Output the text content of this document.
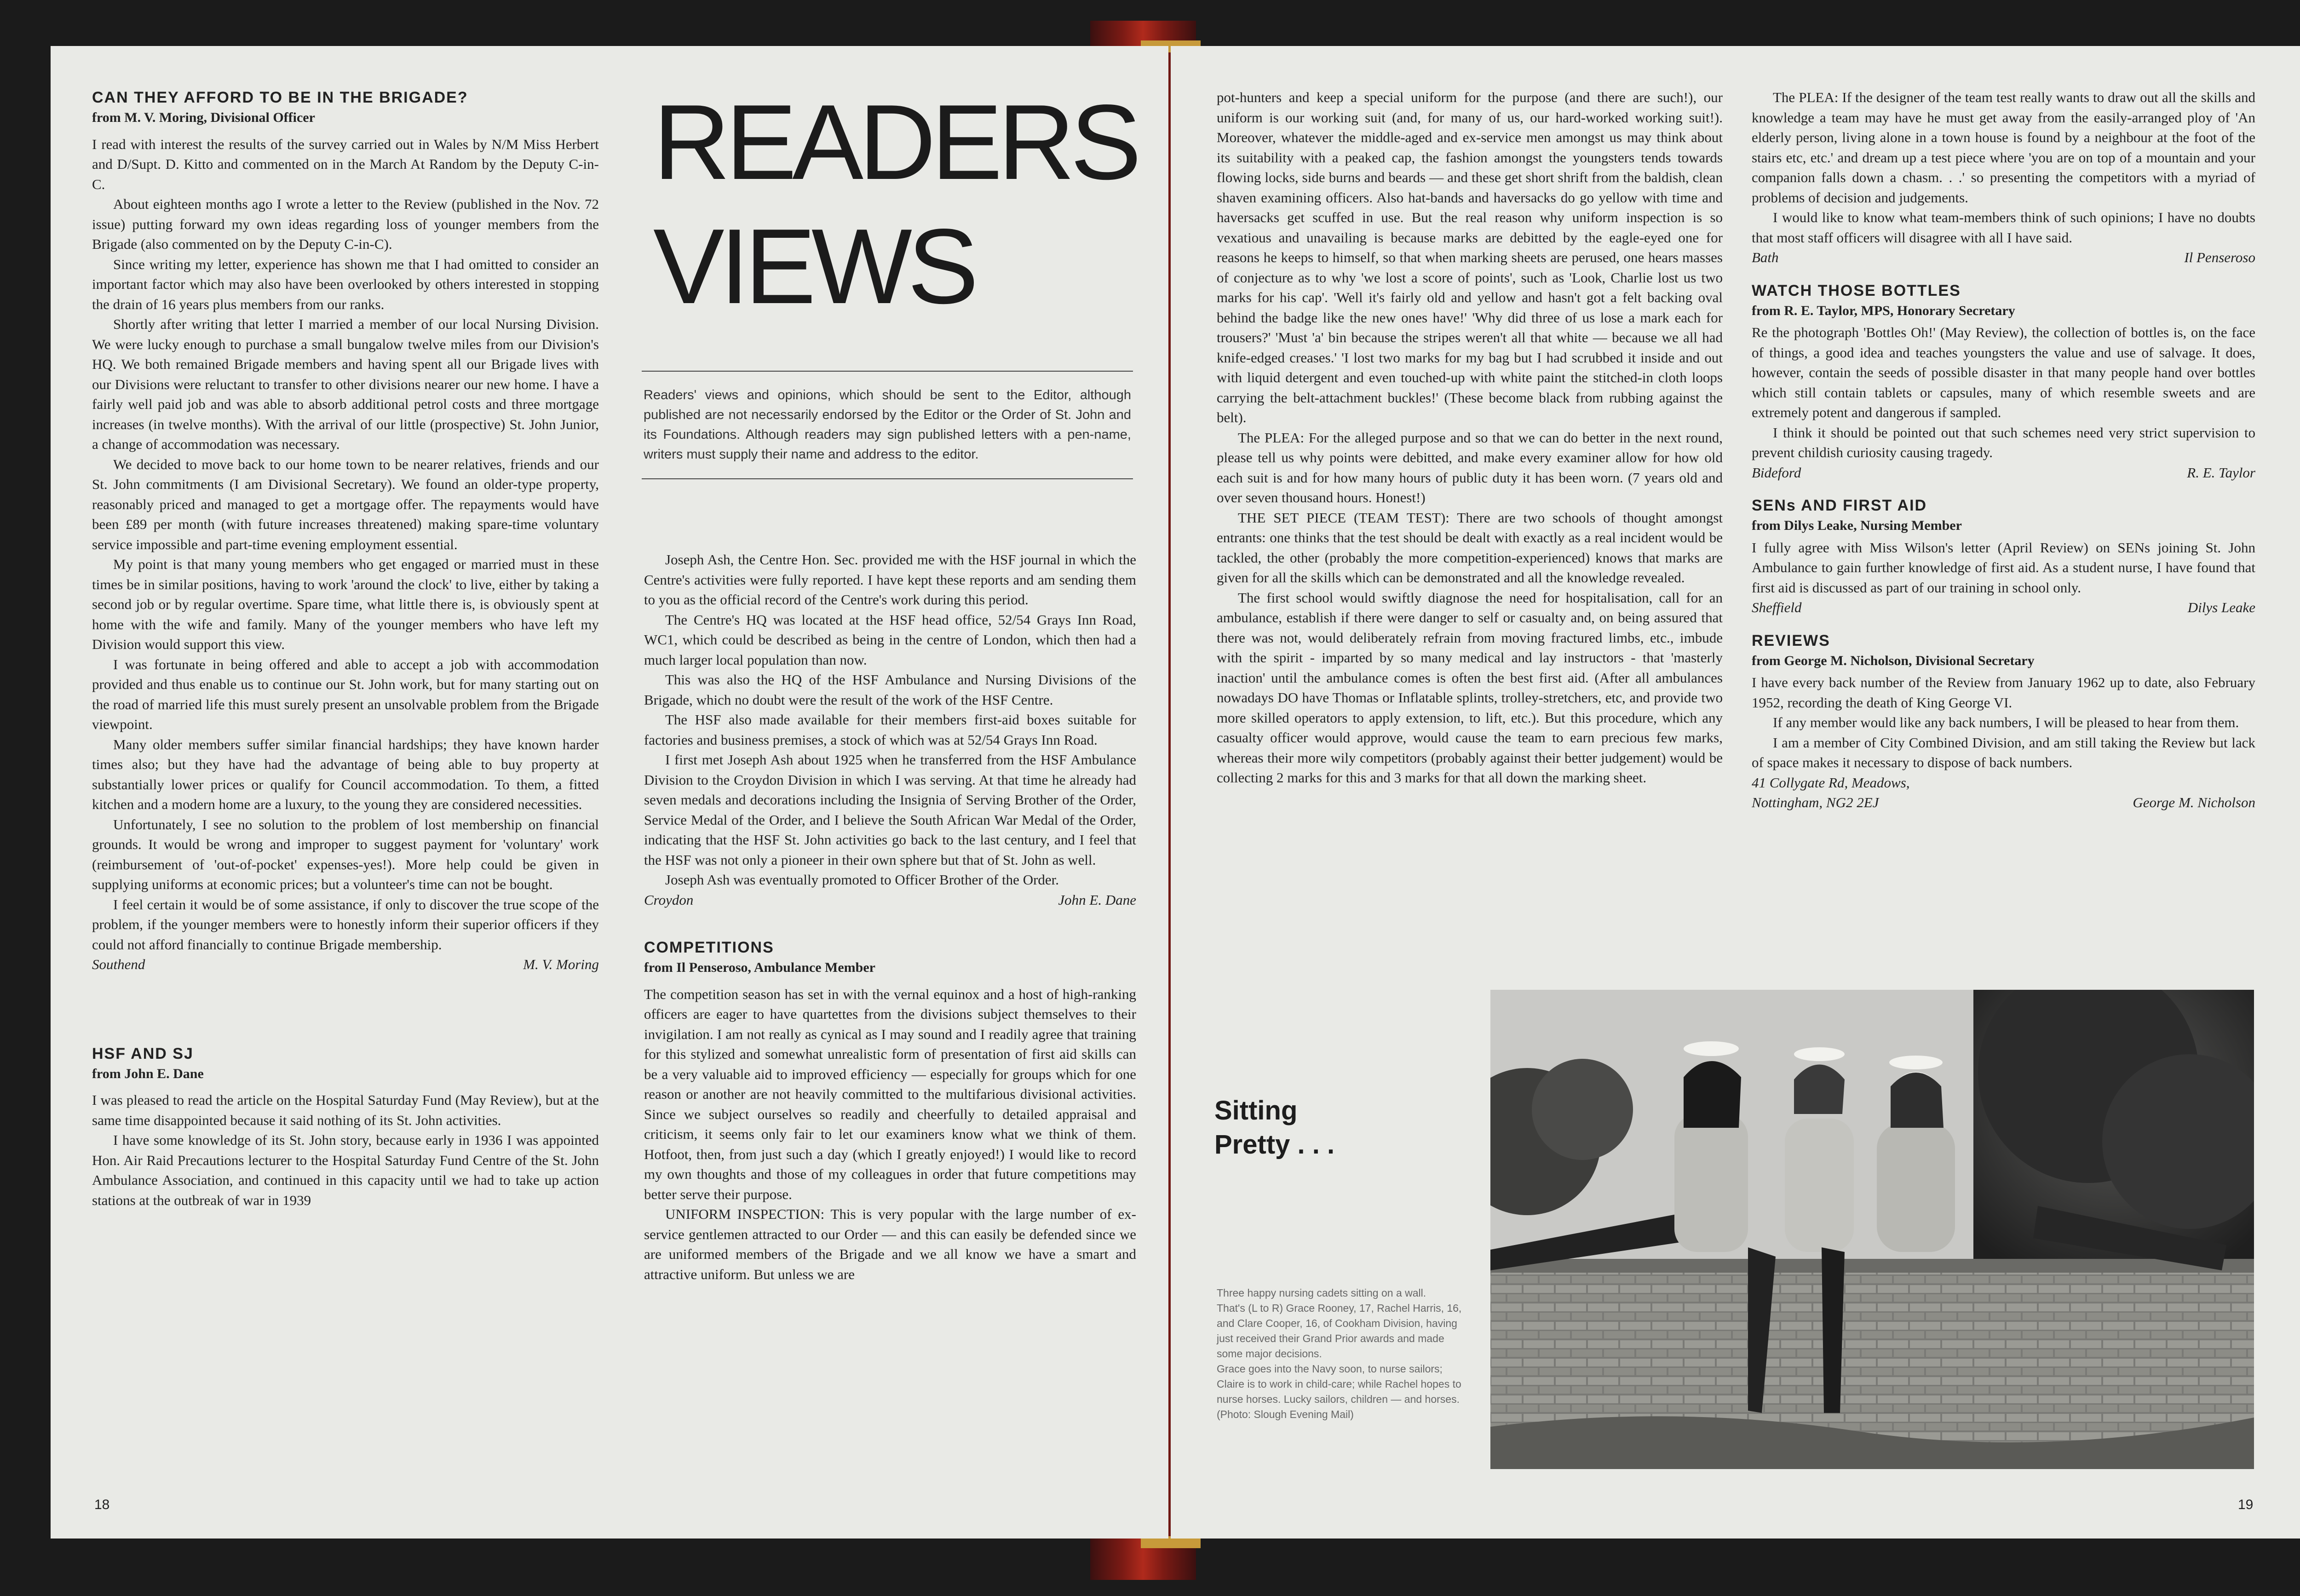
CAN THEY AFFORD TO BE IN THE BRIGADE?
from M. V. Moring, Divisional Officer

I read with interest the results of the survey carried out in Wales by N/M Miss Herbert and D/Supt. D. Kitto and commented on in the March At Random by the Deputy C-in-C.

About eighteen months ago I wrote a letter to the Review (published in the Nov. 72 issue) putting forward my own ideas regarding loss of younger members from the Brigade (also commented on by the Deputy C-in-C).

Since writing my letter, experience has shown me that I had omitted to consider an important factor which may also have been overlooked by others interested in stopping the drain of 16 years plus members from our ranks.

Shortly after writing that letter I married a member of our local Nursing Division. We were lucky enough to purchase a small bungalow twelve miles from our Division's HQ. We both remained Brigade members and having spent all our Brigade lives with our Divisions were reluctant to transfer to other divisions nearer our new home. I have a fairly well paid job and was able to absorb additional petrol costs and three mortgage increases (in twelve months). With the arrival of our little (prospective) St. John Junior, a change of accommodation was necessary.

We decided to move back to our home town to be nearer relatives, friends and our St. John commitments (I am Divisional Secretary). We found an older-type property, reasonably priced and managed to get a mortgage offer. The repayments would have been £89 per month (with future increases threatened) making spare-time voluntary service impossible and part-time evening employment essential.

My point is that many young members who get engaged or married must in these times be in similar positions, having to work 'around the clock' to live, either by taking a second job or by regular overtime. Spare time, what little there is, is obviously spent at home with the wife and family. Many of the younger members who have left my Division would support this view.

I was fortunate in being offered and able to accept a job with accommodation provided and thus enable us to continue our St. John work, but for many starting out on the road of married life this must surely present an unsolvable problem from the Brigade viewpoint.

Many older members suffer similar financial hardships; they have known harder times also; but they have had the advantage of being able to buy property at substantially lower prices or qualify for Council accommodation. To them, a fitted kitchen and a modern home are a luxury, to the young they are considered necessities.

Unfortunately, I see no solution to the problem of lost membership on financial grounds. It would be wrong and improper to suggest payment for 'voluntary' work (reimbursement of 'out-of-pocket' expenses-yes!). More help could be given in supplying uniforms at economic prices; but a volunteer's time can not be bought.

I feel certain it would be of some assistance, if only to discover the true scope of the problem, if the younger members were to honestly inform their superior officers if they could not afford financially to continue Brigade membership.

Southend	M. V. Moring
HSF AND SJ
from John E. Dane

I was pleased to read the article on the Hospital Saturday Fund (May Review), but at the same time disappointed because it said nothing of its St. John activities.

I have some knowledge of its St. John story, because early in 1936 I was appointed Hon. Air Raid Precautions lecturer to the Hospital Saturday Fund Centre of the St. John Ambulance Association, and continued in this capacity until we had to take up action stations at the outbreak of war in 1939

READERS
VIEWS
Readers' views and opinions, which should be sent to the Editor, although published are not necessarily endorsed by the Editor or the Order of St. John and its Foundations. Although readers may sign published letters with a pen-name, writers must supply their name and address to the editor.

Joseph Ash, the Centre Hon. Sec. provided me with the HSF journal in which the Centre's activities were fully reported. I have kept these reports and am sending them to you as the official record of the Centre's work during this period.

The Centre's HQ was located at the HSF head office, 52/54 Grays Inn Road, WC1, which could be described as being in the centre of London, which then had a much larger local population than now.

This was also the HQ of the HSF Ambulance and Nursing Divisions of the Brigade, which no doubt were the result of the work of the HSF Centre.

The HSF also made available for their members first-aid boxes suitable for factories and business premises, a stock of which was at 52/54 Grays Inn Road.

I first met Joseph Ash about 1925 when he transferred from the HSF Ambulance Division to the Croydon Division in which I was serving. At that time he already had seven medals and decorations including the Insignia of Serving Brother of the Order, Service Medal of the Order, and I believe the South African War Medal of the Order, indicating that the HSF St. John activities go back to the last century, and I feel that the HSF was not only a pioneer in their own sphere but that of St. John as well.

Joseph Ash was eventually promoted to Officer Brother of the Order.

Croydon	John E. Dane
COMPETITIONS
from Il Penseroso, Ambulance Member

The competition season has set in with the vernal equinox and a host of high-ranking officers are eager to have quartettes from the divisions subject themselves to their invigilation. I am not really as cynical as I may sound and I readily agree that training for this stylized and somewhat unrealistic form of presentation of first aid skills can be a very valuable aid to improved efficiency — especially for groups which for one reason or another are not heavily committed to the multifarious divisional activities. Since we subject ourselves so readily and cheerfully to detailed appraisal and criticism, it seems only fair to let our examiners know what we think of them. Hotfoot, then, from just such a day (which I greatly enjoyed!) I would like to record my own thoughts and those of my colleagues in order that future competitions may better serve their purpose.

UNIFORM INSPECTION: This is very popular with the large number of ex-service gentlemen attracted to our Order — and this can easily be defended since we are uniformed members of the Brigade and we all know we have a smart and attractive uniform. But unless we are

18

pot-hunters and keep a special uniform for the purpose (and there are such!), our uniform is our working suit (and, for many of us, our hard-worked working suit!). Moreover, whatever the middle-aged and ex-service men amongst us may think about its suitability with a peaked cap, the fashion amongst the youngsters tends towards flowing locks, side burns and beards — and these get short shrift from the baldish, clean shaven examining officers. Also hat-bands and haversacks do go yellow with time and haversacks get scuffed in use. But the real reason why uniform inspection is so vexatious and unavailing is because marks are debitted by the eagle-eyed one for reasons he keeps to himself, so that when marking sheets are perused, one hears masses of conjecture as to why 'we lost a score of points', such as 'Look, Charlie lost us two marks for his cap'. 'Well it's fairly old and yellow and hasn't got a felt backing oval behind the badge like the new ones have!' 'Why did three of us lose a mark each for trousers?' 'Must 'a' bin because the stripes weren't all that white — because we all had knife-edged creases.' 'I lost two marks for my bag but I had scrubbed it inside and out with liquid detergent and even touched-up with white paint the stitched-in cloth loops carrying the belt-attachment buckles!' (These become black from rubbing against the belt).

The PLEA: For the alleged purpose and so that we can do better in the next round, please tell us why points were debitted, and make every examiner allow for how old each suit is and for how many hours of public duty it has been worn. (7 years old and over seven thousand hours. Honest!)

THE SET PIECE (TEAM TEST): There are two schools of thought amongst entrants: one thinks that the test should be dealt with exactly as a real incident would be tackled, the other (probably the more competition-experienced) knows that marks are given for all the skills which can be demonstrated and all the knowledge revealed.

The first school would swiftly diagnose the need for hospitalisation, call for an ambulance, establish if there were danger to self or casualty and, on being assured that there was not, would deliberately refrain from moving fractured limbs, etc., imbude with the spirit - imparted by so many medical and lay instructors - that 'masterly inaction' until the ambulance comes is often the best first aid. (After all ambulances nowadays DO have Thomas or Inflatable splints, trolley-stretchers, etc, and provide two more skilled operators to apply extension, to lift, etc.). But this procedure, which any casualty officer would approve, would cause the team to earn precious few marks, whereas their more wily competitors (probably against their better judgement) would be collecting 2 marks for this and 3 marks for that all down the marking sheet.

The PLEA: If the designer of the team test really wants to draw out all the skills and knowledge a team may have he must get away from the easily-arranged ploy of 'An elderly person, living alone in a town house is found by a neighbour at the foot of the stairs etc, etc.' and dream up a test piece where 'you are on top of a mountain and your companion falls down a chasm. . .' so presenting the competitors with a myriad of problems of decision and judgements.

I would like to know what team-members think of such opinions; I have no doubts that most staff officers will disagree with all I have said.

Bath	Il Penseroso
WATCH THOSE BOTTLES
from R. E. Taylor, MPS, Honorary Secretary

Re the photograph 'Bottles Oh!' (May Review), the collection of bottles is, on the face of things, a good idea and teaches youngsters the value and use of salvage. It does, however, contain the seeds of possible disaster in that many people hand over bottles which still contain tablets or capsules, many of which resemble sweets and are extremely potent and dangerous if sampled.

I think it should be pointed out that such schemes need very strict supervision to prevent childish curiosity causing tragedy.

Bideford	R. E. Taylor
SENs AND FIRST AID
from Dilys Leake, Nursing Member

I fully agree with Miss Wilson's letter (April Review) on SENs joining St. John Ambulance to gain further knowledge of first aid. As a student nurse, I have found that first aid is discussed as part of our training in school only.

Sheffield	Dilys Leake
REVIEWS
from George M. Nicholson, Divisional Secretary

I have every back number of the Review from January 1962 up to date, also February 1952, recording the death of King George VI.

If any member would like any back numbers, I will be pleased to hear from them.

I am a member of City Combined Division, and am still taking the Review but lack of space makes it necessary to dispose of back numbers.

41 Collygate Rd, Meadows,
Nottingham, NG2 2EJ	George M. Nicholson
Sitting
Pretty . . .

Three happy nursing cadets sitting on a wall.

That's (L to R) Grace Rooney, 17, Rachel Harris, 16, and Clare Cooper, 16, of Cookham Division, having just received their Grand Prior awards and made some major decisions.

Grace goes into the Navy soon, to nurse sailors; Claire is to work in child-care; while Rachel hopes to nurse horses. Lucky sailors, children — and horses. (Photo: Slough Evening Mail)

19
